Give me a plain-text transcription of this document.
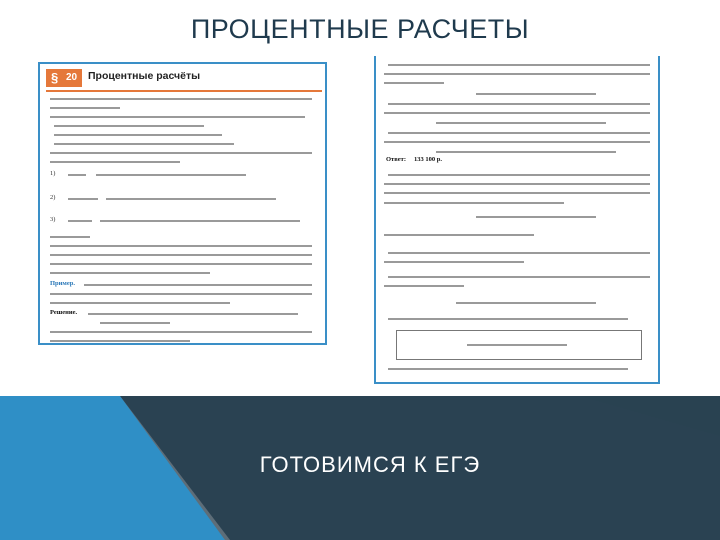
ПРОЦЕНТНЫЕ РАСЧЕТЫ
§ 20 Процентные расчёты
1)
2)
3)
Пример.
Решение.
Ответ: 133 100 р.
ГОТОВИМСЯ К ЕГЭ
